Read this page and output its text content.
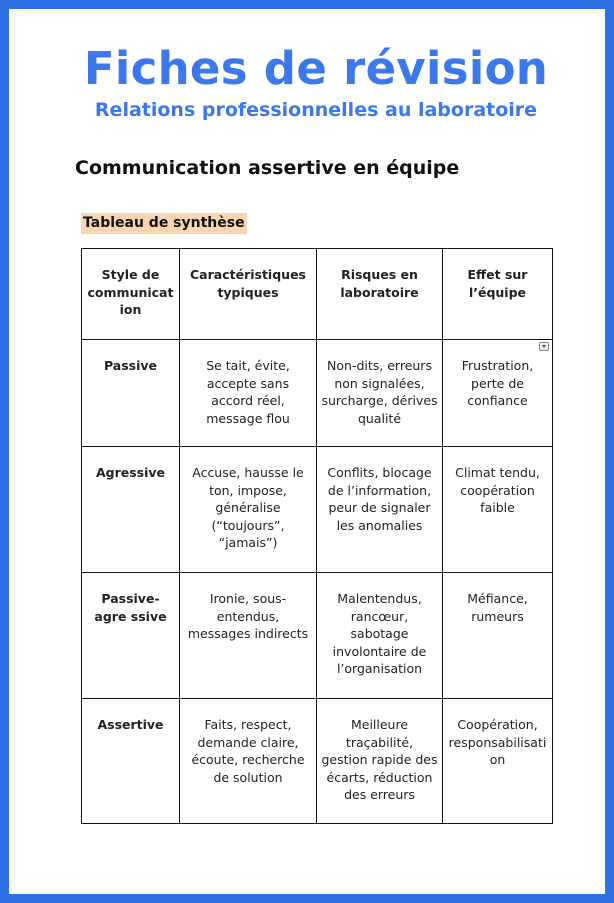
Fiches de révision
Relations professionnelles au laboratoire
Communication assertive en équipe
Tableau de synthèse
Style de communicat ion	Caractéristiques typiques	Risques en laboratoire	Effet sur l’équipe
Passive	Se tait, évite, accepte sans accord réel, message flou	Non-dits, erreurs non signalées, surcharge, dérives qualité	Frustration, perte de confiance

Agressive	Accuse, hausse le ton, impose, généralise (“toujours”, “jamais”)	Conflits, blocage de l’information, peur de signaler les anomalies	Climat tendu, coopération faible
Passive-agre ssive	Ironie, sous-entendus, messages indirects	Malentendus, rancœur, sabotage involontaire de l’organisation	Méfiance, rumeurs
Assertive	Faits, respect, demande claire, écoute, recherche de solution	Meilleure traçabilité, gestion rapide des écarts, réduction des erreurs	Coopération, responsabilisati on
